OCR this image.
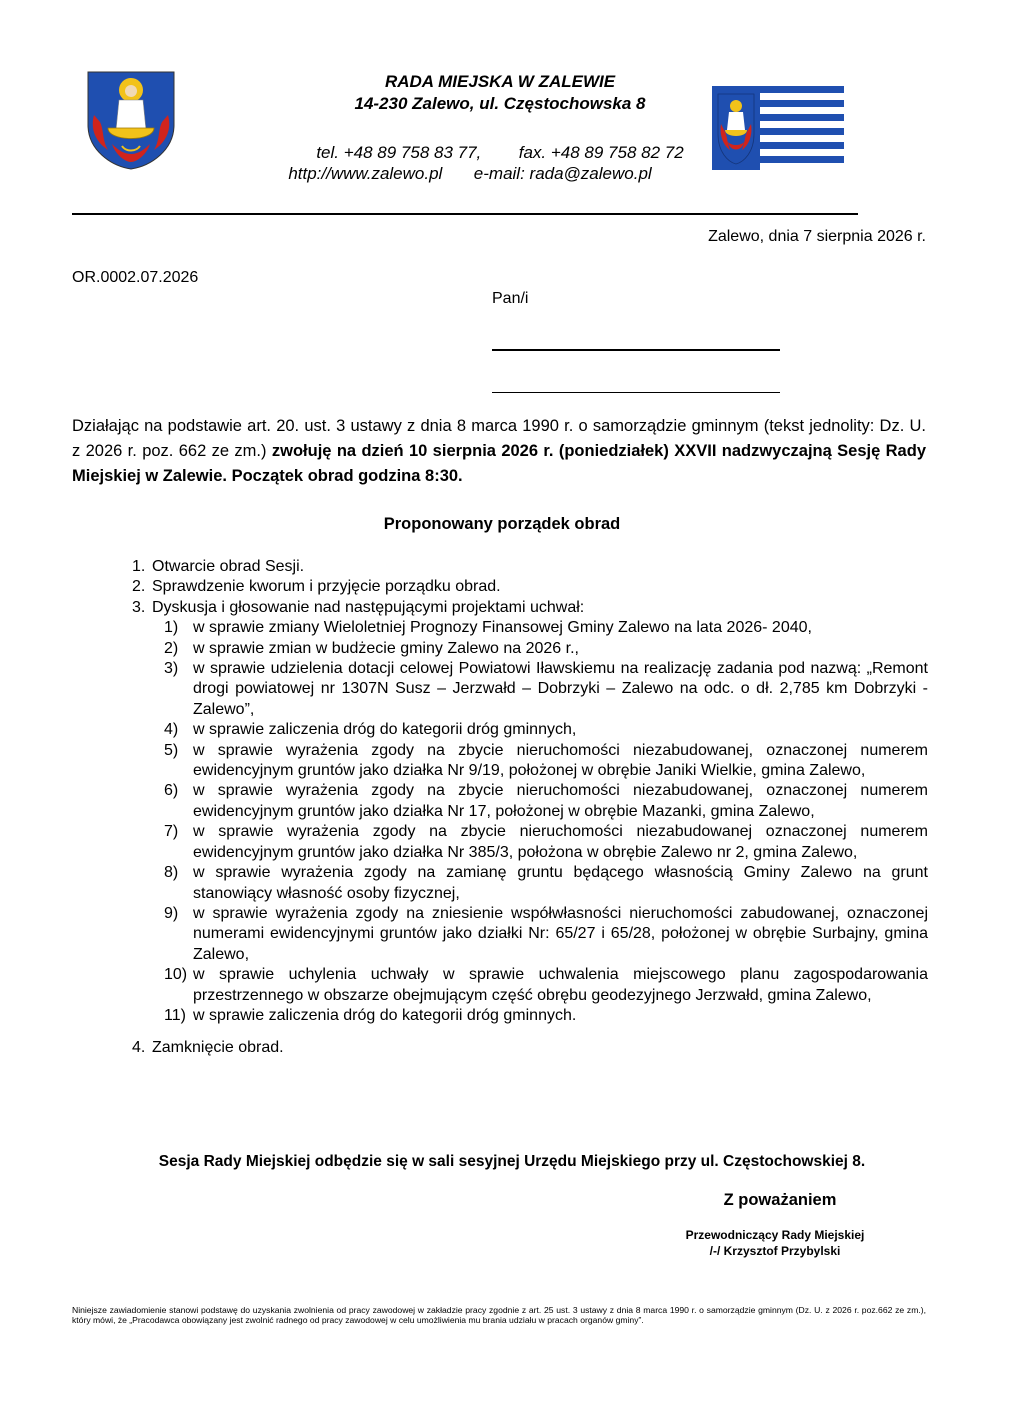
RADA MIEJSKA W ZALEWIE
14-230 Zalewo, ul. Częstochowska 8
tel. +48 89 758 83 77, fax. +48 89 758 82 72
http://www.zalewo.pl e-mail: rada@zalewo.pl
Zalewo, dnia 7 sierpnia 2026 r.
OR.0002.07.2026
Pan/i
Działając na podstawie art. 20. ust. 3 ustawy z dnia 8 marca 1990 r. o samorządzie gminnym (tekst jednolity: Dz. U. z 2026 r. poz. 662 ze zm.) zwołuję na dzień 10 sierpnia 2026 r. (poniedziałek) XXVII nadzwyczajną Sesję Rady Miejskiej w Zalewie. Początek obrad godzina 8:30.
Proponowany porządek obrad
1. Otwarcie obrad Sesji.
2. Sprawdzenie kworum i przyjęcie porządku obrad.
3. Dyskusja i głosowanie nad następującymi projektami uchwał:
1) w sprawie zmiany Wieloletniej Prognozy Finansowej Gminy Zalewo na lata 2026- 2040,
2) w sprawie zmian w budżecie gminy Zalewo na 2026 r.,
3) w sprawie udzielenia dotacji celowej Powiatowi Iławskiemu na realizację zadania pod nazwą: „Remont drogi powiatowej nr 1307N Susz – Jerzwałd – Dobrzyki – Zalewo na odc. o dł. 2,785 km Dobrzyki - Zalewo”,
4) w sprawie zaliczenia dróg do kategorii dróg gminnych,
5) w sprawie wyrażenia zgody na zbycie nieruchomości niezabudowanej, oznaczonej numerem ewidencyjnym gruntów jako działka Nr 9/19, położonej w obrębie Janiki Wielkie, gmina Zalewo,
6) w sprawie wyrażenia zgody na zbycie nieruchomości niezabudowanej, oznaczonej numerem ewidencyjnym gruntów jako działka Nr 17, położonej w obrębie Mazanki, gmina Zalewo,
7) w sprawie wyrażenia zgody na zbycie nieruchomości niezabudowanej oznaczonej numerem ewidencyjnym gruntów jako działka Nr 385/3, położona w obrębie Zalewo nr 2, gmina Zalewo,
8) w sprawie wyrażenia zgody na zamianę gruntu będącego własnością Gminy Zalewo na grunt stanowiący własność osoby fizycznej,
9) w sprawie wyrażenia zgody na zniesienie współwłasności nieruchomości zabudowanej, oznaczonej numerami ewidencyjnymi gruntów jako działki Nr: 65/27 i 65/28, położonej w obrębie Surbajny, gmina Zalewo,
10) w sprawie uchylenia uchwały w sprawie uchwalenia miejscowego planu zagospodarowania przestrzennego w obszarze obejmującym część obrębu geodezyjnego Jerzwałd, gmina Zalewo,
11) w sprawie zaliczenia dróg do kategorii dróg gminnych.
4. Zamknięcie obrad.
Sesja Rady Miejskiej odbędzie się w sali sesyjnej Urzędu Miejskiego przy ul. Częstochowskiej 8.
Z poważaniem
Przewodniczący Rady Miejskiej
/-/ Krzysztof Przybylski
Niniejsze zawiadomienie stanowi podstawę do uzyskania zwolnienia od pracy zawodowej w zakładzie pracy zgodnie z art. 25 ust. 3 ustawy z dnia 8 marca 1990 r. o samorządzie gminnym (Dz. U. z 2026 r. poz.662 ze zm.), który mówi, że „Pracodawca obowiązany jest zwolnić radnego od pracy zawodowej w celu umożliwienia mu brania udziału w pracach organów gminy”.
